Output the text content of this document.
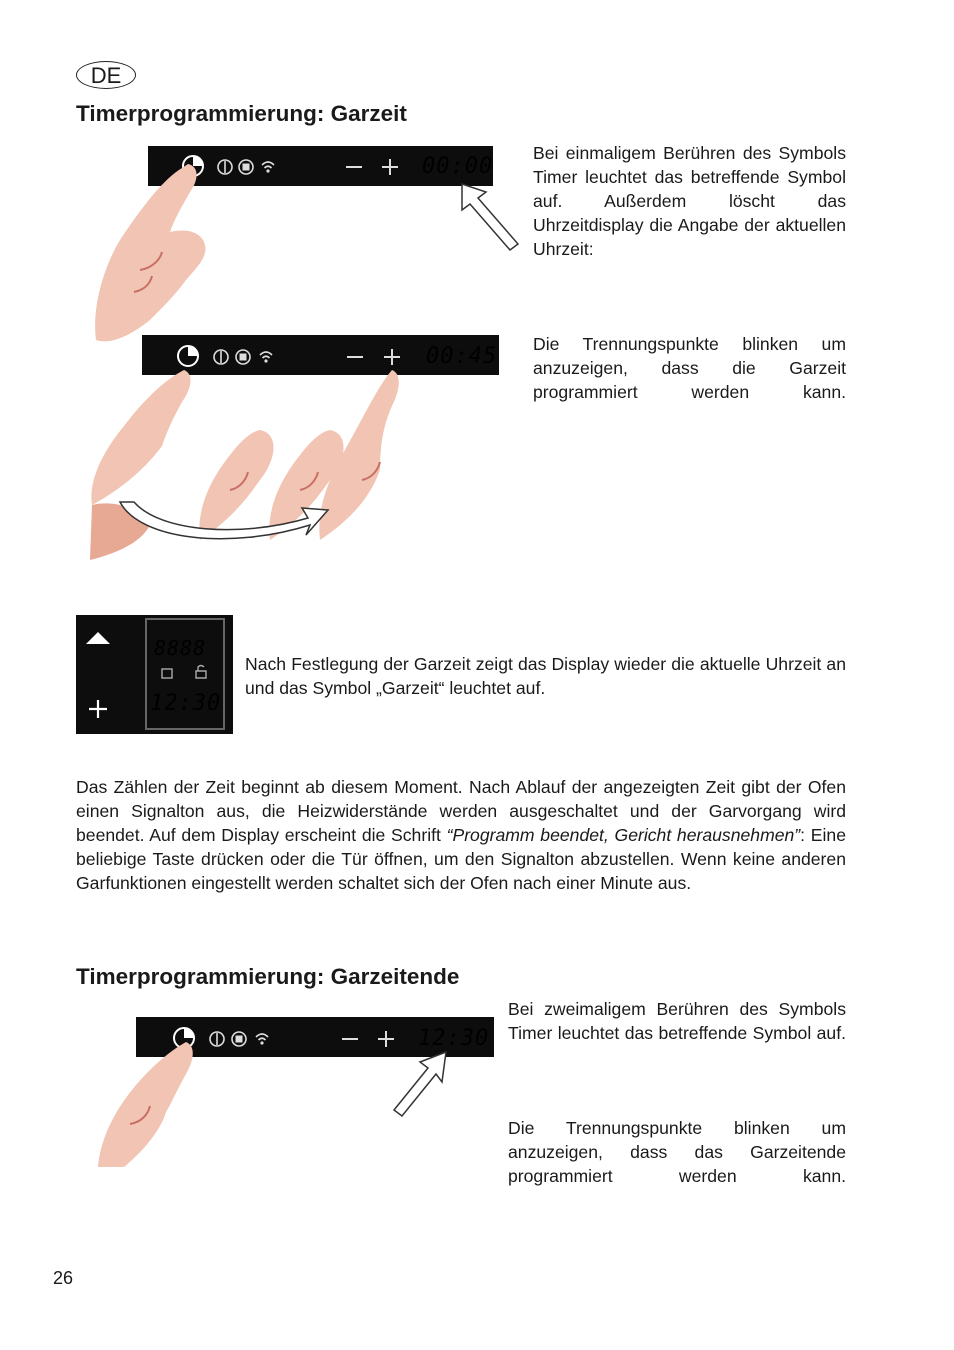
DE
Timerprogrammierung: Garzeit
00:00

Bei einmaligem Berühren des Symbols Timer leuchtet das betreffende Symbol auf. Außerdem löscht das Uhrzeitdisplay die Angabe der aktuellen Uhrzeit:

00:45 Die Trennungspunkte blinken um anzuzeigen, dass die Garzeit programmiert werden kann.

8888
12:30

Nach Festlegung der Garzeit zeigt das Display wieder die aktuelle Uhrzeit an und das Symbol „Garzeit“ leuchtet auf.

Das Zählen der Zeit beginnt ab diesem Moment. Nach Ablauf der angezeigten Zeit gibt der Ofen einen Signalton aus, die Heizwiderstände werden ausgeschaltet und der Garvorgang wird beendet. Auf dem Display erscheint die Schrift “Programm beendet, Gericht herausnehmen”: Eine beliebige Taste drücken oder die Tür öffnen, um den Signalton abzustellen. Wenn keine anderen Garfunktionen eingestellt werden schaltet sich der Ofen nach einer Minute aus.

Timerprogrammierung: Garzeitende
12:30

Bei zweimaligem Berühren des Symbols Timer leuchtet das betreffende Symbol auf.

Die Trennungspunkte blinken um anzuzeigen, dass das Garzeitende programmiert werden kann.

26
